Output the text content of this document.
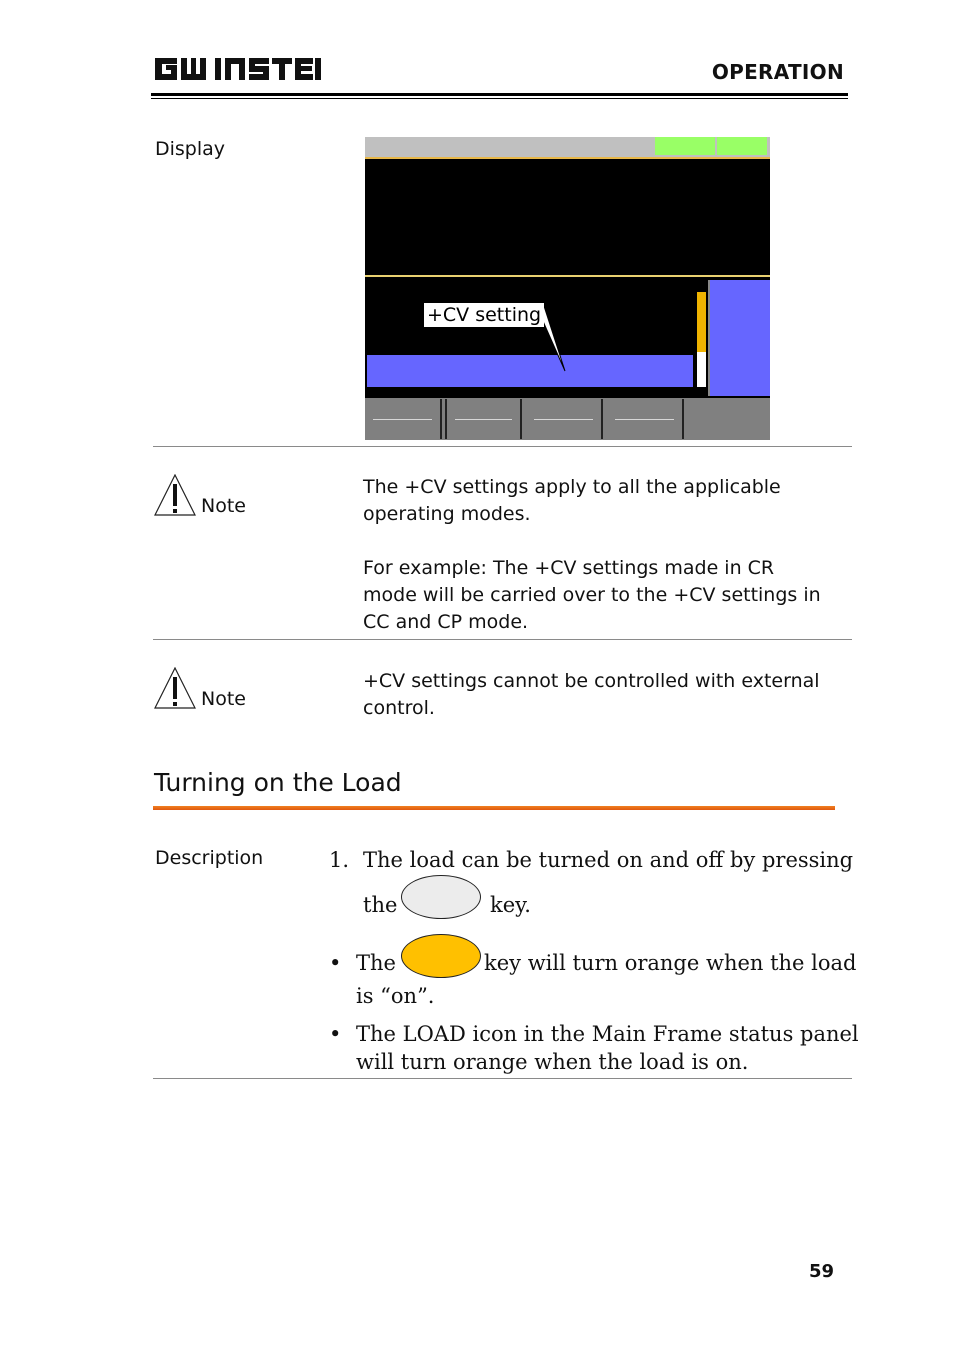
OPERATION
Display
+CV setting
Note
The +CV settings apply to all the applicable operating modes.
For example: The +CV settings made in CR mode will be carried over to the +CV settings in CC and CP mode.
Note
+CV settings cannot be controlled with external control.
Turning on the Load
Description	1. The load can be turned on and off by pressing
the	key.
• The	key will turn orange when the load
is “on”.
• The LOAD icon in the Main Frame status panel
will turn orange when the load is on.
59
